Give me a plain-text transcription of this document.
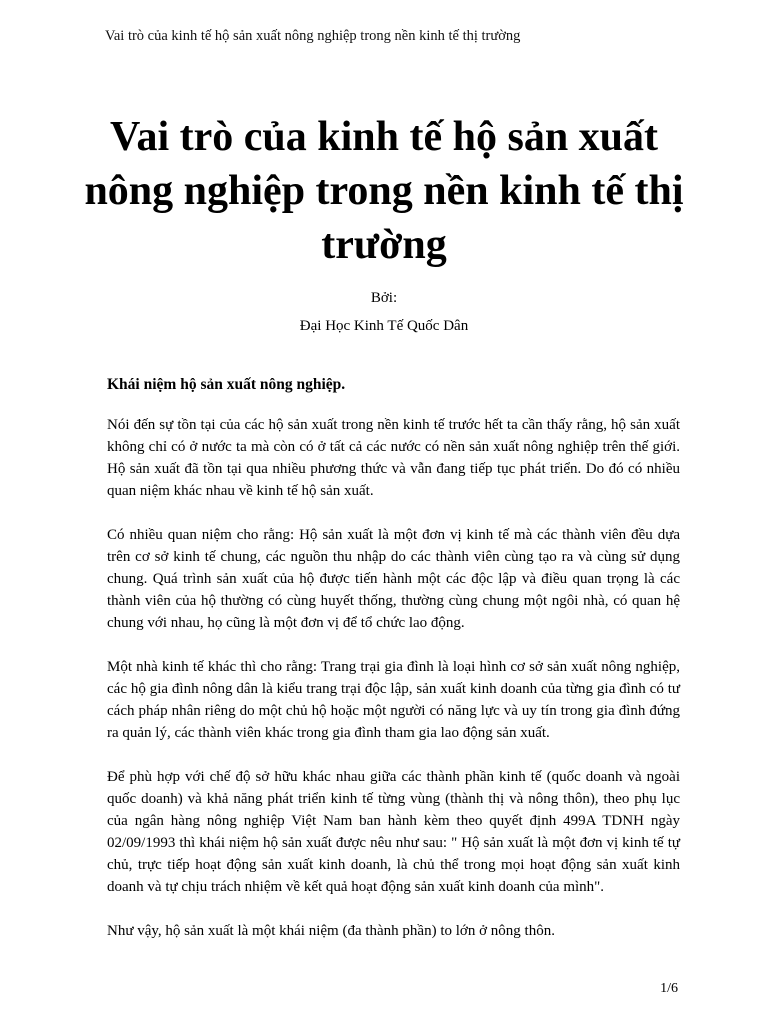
Vai trò của kinh tế hộ sản xuất nông nghiệp trong nền kinh tế thị trường
Vai trò của kinh tế hộ sản xuất nông nghiệp trong nền kinh tế thị trường
Bởi:
Đại Học Kinh Tế Quốc Dân
Khái niệm hộ sản xuất nông nghiệp.

Nói đến sự tồn tại của các hộ sản xuất trong nền kinh tế trước hết ta cần thấy rằng, hộ sản xuất không chỉ có ở nước ta mà còn có ở tất cả các nước có nền sản xuất nông nghiệp trên thế giới. Hộ sản xuất đã tồn tại qua nhiều phương thức và vẫn đang tiếp tục phát triển. Do đó có nhiều quan niệm khác nhau về kinh tế hộ sản xuất.

Có nhiều quan niệm cho rằng: Hộ sản xuất là một đơn vị kinh tế mà các thành viên đều dựa trên cơ sở kinh tế chung, các nguồn thu nhập do các thành viên cùng tạo ra và cùng sử dụng chung. Quá trình sản xuất của hộ được tiến hành một các độc lập và điều quan trọng là các thành viên của hộ thường có cùng huyết thống, thường cùng chung một ngôi nhà, có quan hệ chung với nhau, họ cũng là một đơn vị để tổ chức lao động.

Một nhà kinh tế khác thì cho rằng: Trang trại gia đình là loại hình cơ sở sản xuất nông nghiệp, các hộ gia đình nông dân là kiểu trang trại độc lập, sản xuất kinh doanh của từng gia đình có tư cách pháp nhân riêng do một chủ hộ hoặc một người có năng lực và uy tín trong gia đình đứng ra quản lý, các thành viên khác trong gia đình tham gia lao động sản xuất.

Để phù hợp với chế độ sở hữu khác nhau giữa các thành phần kinh tế (quốc doanh và ngoài quốc doanh) và khả năng phát triển kinh tế từng vùng (thành thị và nông thôn), theo phụ lục của ngân hàng nông nghiệp Việt Nam ban hành kèm theo quyết định 499A TDNH ngày 02/09/1993 thì khái niệm hộ sản xuất được nêu như sau: " Hộ sản xuất là một đơn vị kinh tế tự chủ, trực tiếp hoạt động sản xuất kinh doanh, là chủ thể trong mọi hoạt động sản xuất kinh doanh và tự chịu trách nhiệm về kết quả hoạt động sản xuất kinh doanh của mình".

Như vậy, hộ sản xuất là một khái niệm (đa thành phần) to lớn ở nông thôn.

1/6
